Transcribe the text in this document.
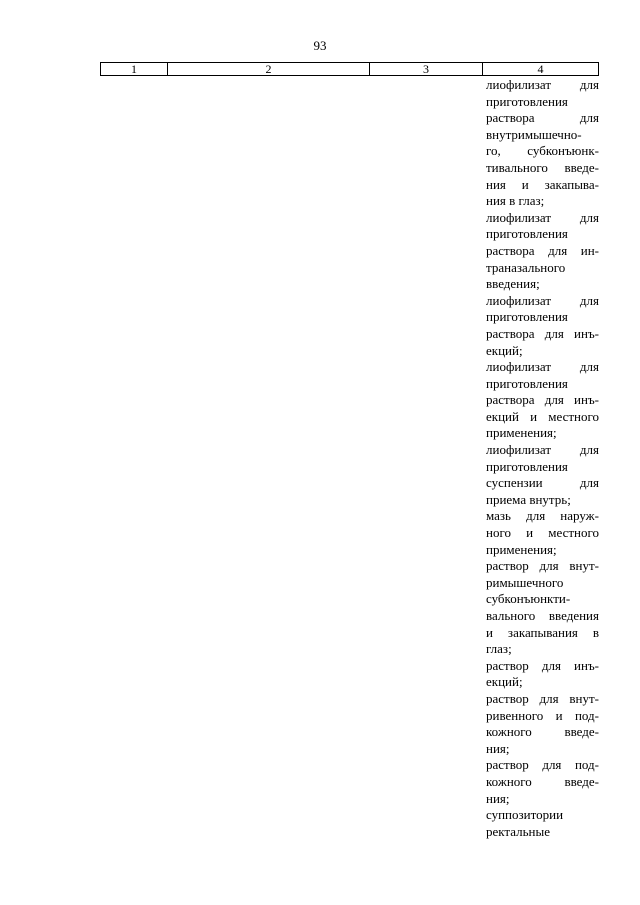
93
1	2	3	4
лиофилизат для
приготовления
раствора для
внутримышечно-
го, субконъюнк-
тивального введе-
ния и закапыва-
ния в глаз;
лиофилизат для
приготовления
раствора для ин-
траназального
введения;
лиофилизат для
приготовления
раствора для инъ-
екций;
лиофилизат для
приготовления
раствора для инъ-
екций и местного
применения;
лиофилизат для
приготовления
суспензии для
приема внутрь;
мазь для наруж-
ного и местного
применения;
раствор для внут-
римышечного
субконъюнкти-
вального введения
и закапывания в
глаз;
раствор для инъ-
екций;
раствор для внут-
ривенного и под-
кожного введе-
ния;
раствор для под-
кожного введе-
ния;
суппозитории
ректальные
